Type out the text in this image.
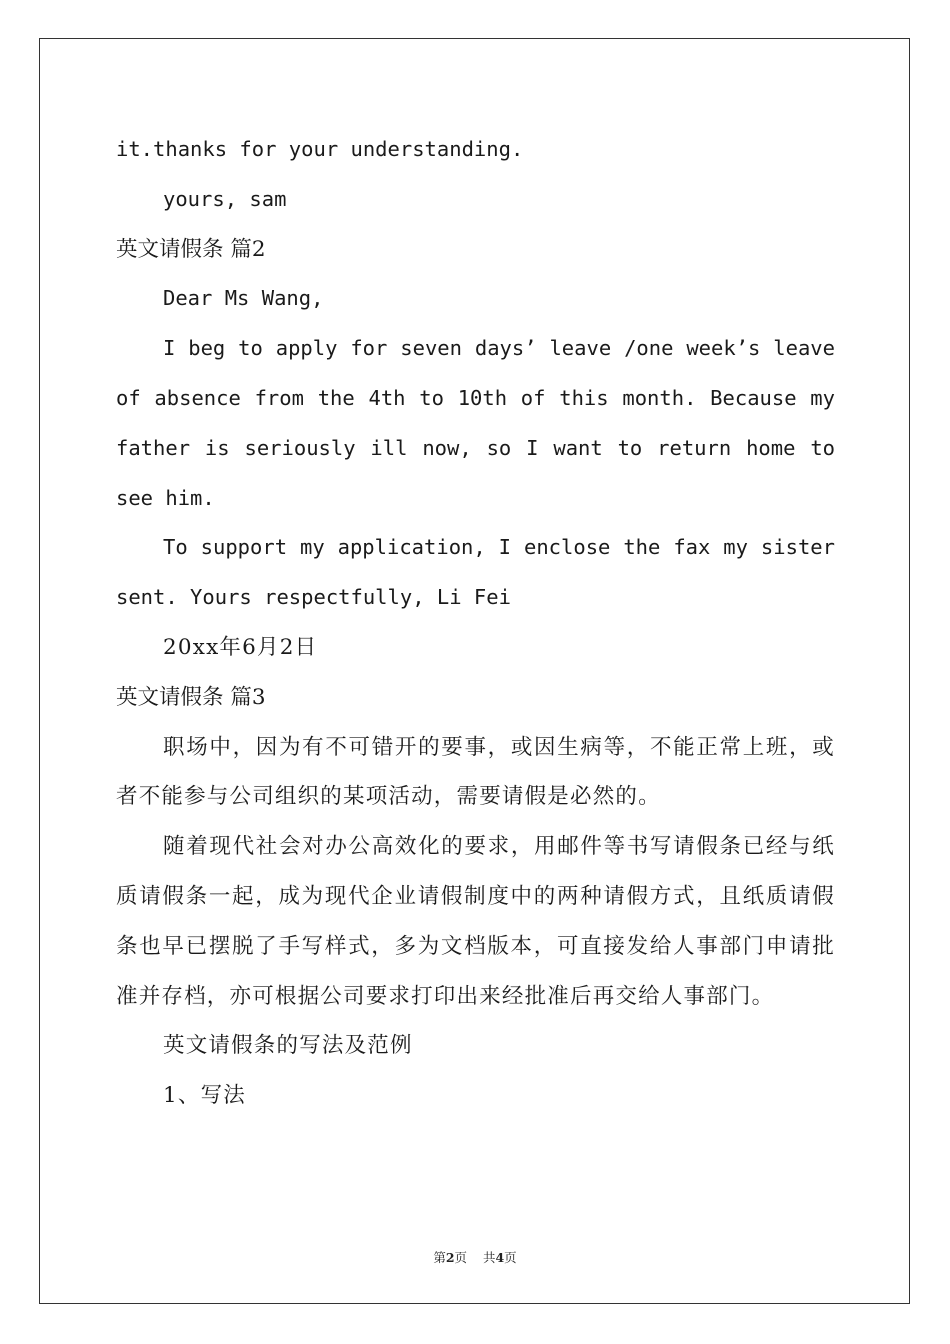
it.thanks for your understanding.

yours, sam

英文请假条 篇2

Dear Ms Wang,

I beg to apply for seven days’ leave /one week’s leave of absence from the 4th to 10th of this month. Because my father is seriously ill now, so I want to return home to see him.

To support my application, I enclose the fax my sister sent. Yours respectfully, Li Fei

20xx年6月2日

英文请假条 篇3

职场中，因为有不可错开的要事，或因生病等，不能正常上班，或者不能参与公司组织的某项活动，需要请假是必然的。

随着现代社会对办公高效化的要求，用邮件等书写请假条已经与纸质请假条一起，成为现代企业请假制度中的两种请假方式，且纸质请假条也早已摆脱了手写样式，多为文档版本，可直接发给人事部门申请批准并存档，亦可根据公司要求打印出来经批准后再交给人事部门。

英文请假条的写法及范例

1、写法

第2页 共4页
